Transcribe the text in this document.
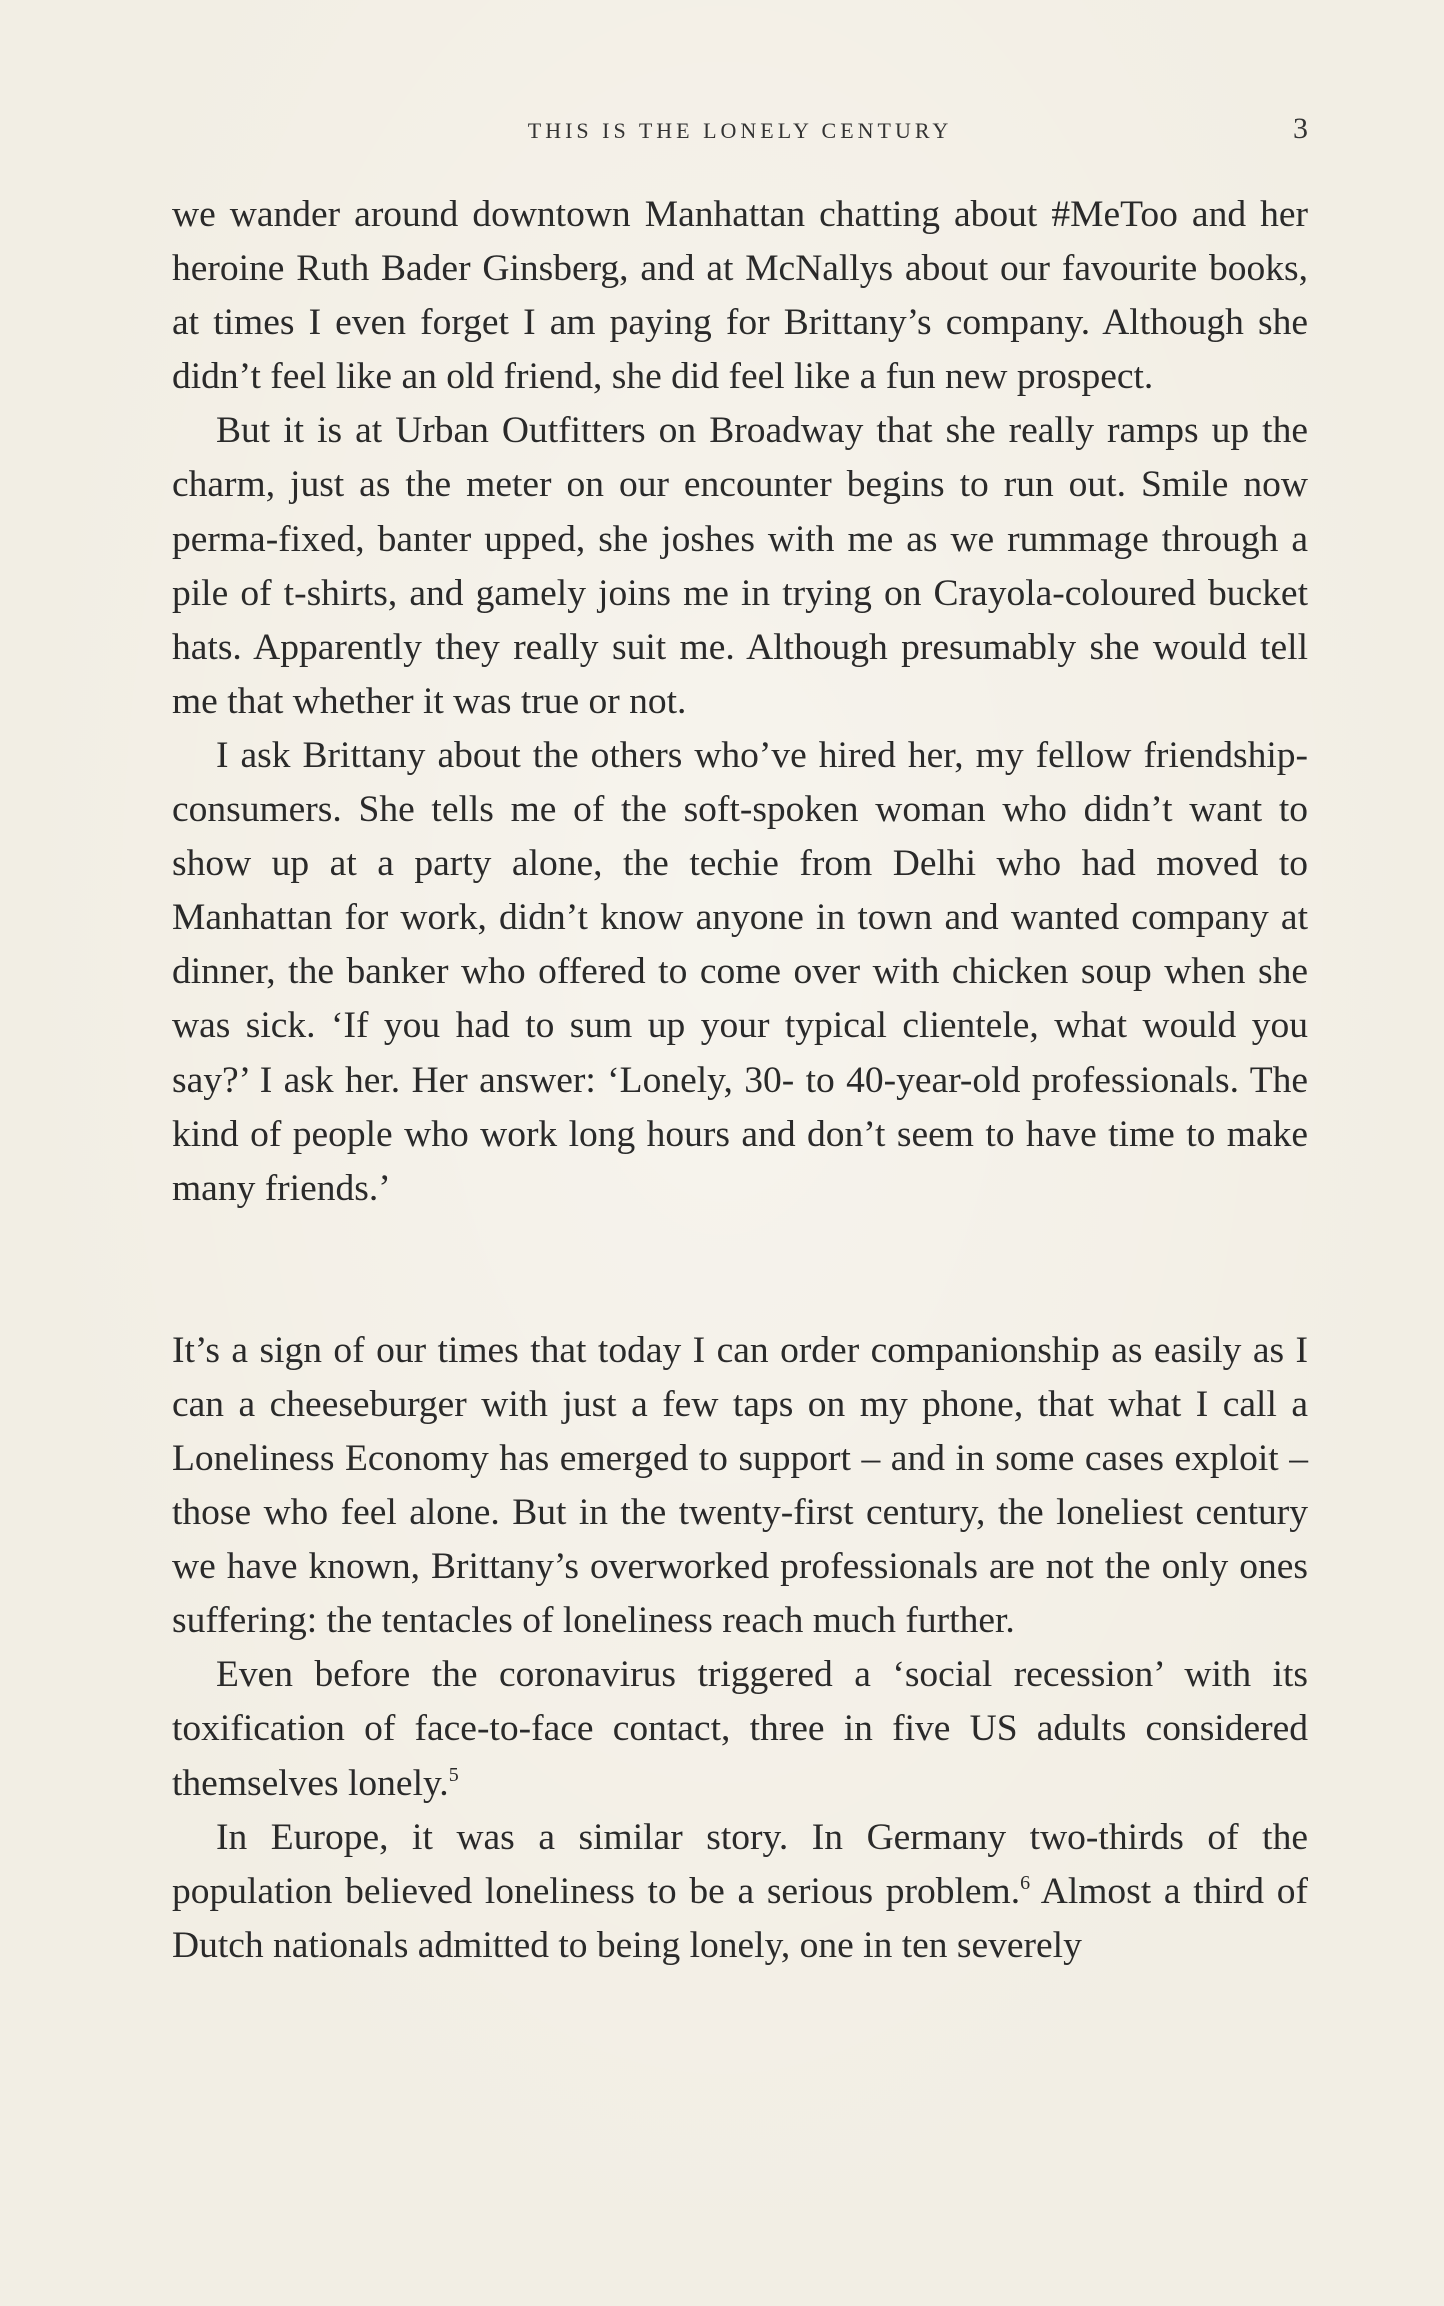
THIS IS THE LONELY CENTURY	3

we wander around downtown Manhattan chatting about #MeToo and her heroine Ruth Bader Ginsberg, and at McNallys about our favourite books, at times I even forget I am paying for Brittany’s company. Although she didn’t feel like an old friend, she did feel like a fun new prospect.

But it is at Urban Outfitters on Broadway that she really ramps up the charm, just as the meter on our encounter begins to run out. Smile now perma-fixed, banter upped, she joshes with me as we rummage through a pile of t-shirts, and gamely joins me in trying on Crayola-coloured bucket hats. Apparently they really suit me. Although presumably she would tell me that whether it was true or not.

I ask Brittany about the others who’ve hired her, my fellow friendship-consumers. She tells me of the soft-spoken woman who didn’t want to show up at a party alone, the techie from Delhi who had moved to Manhattan for work, didn’t know anyone in town and wanted company at dinner, the banker who offered to come over with chicken soup when she was sick. ‘If you had to sum up your typical clientele, what would you say?’ I ask her. Her answer: ‘Lonely, 30- to 40-year-old professionals. The kind of people who work long hours and don’t seem to have time to make many friends.’

It’s a sign of our times that today I can order companionship as easily as I can a cheeseburger with just a few taps on my phone, that what I call a Loneliness Economy has emerged to support – and in some cases exploit – those who feel alone. But in the twenty-first century, the loneliest century we have known, Brittany’s overworked professionals are not the only ones suffering: the tentacles of loneliness reach much further.

Even before the coronavirus triggered a ‘social recession’ with its toxification of face-to-face contact, three in five US adults considered themselves lonely.$^5$

In Europe, it was a similar story. In Germany two-thirds of the population believed loneliness to be a serious problem.$^6$ Almost a third of Dutch nationals admitted to being lonely, one in ten severely
